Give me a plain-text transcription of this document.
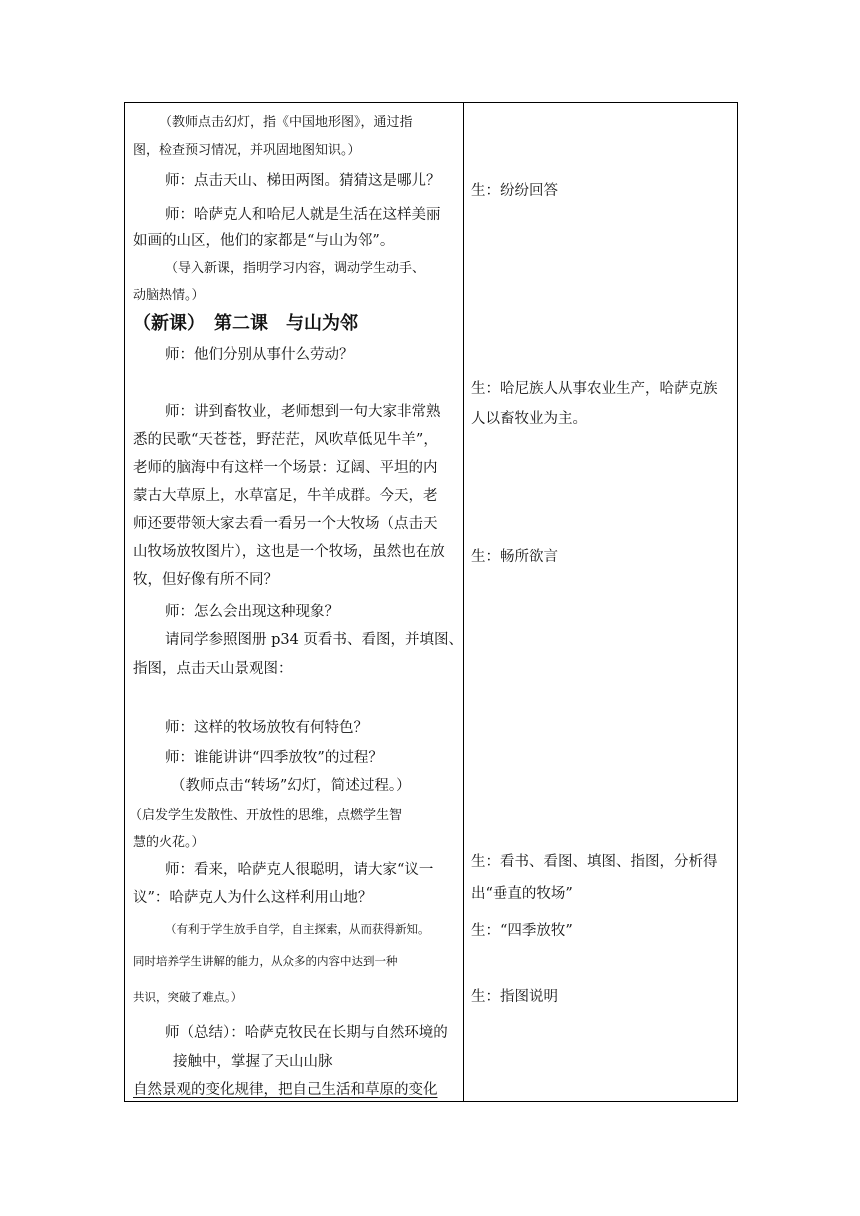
（教师点击幻灯，指《中国地形图》，通过指
图，检查预习情况，并巩固地图知识。）
师：点击天山、梯田两图。猜猜这是哪儿？
师：哈萨克人和哈尼人就是生活在这样美丽
如画的山区，他们的家都是“与山为邻”。
（导入新课，指明学习内容，调动学生动手、
动脑热情。）
（新课）　第二课　与山为邻
师：他们分别从事什么劳动？
师：讲到畜牧业，老师想到一句大家非常熟
悉的民歌“天苍苍，野茫茫，风吹草低见牛羊”，
老师的脑海中有这样一个场景：辽阔、平坦的内
蒙古大草原上，水草富足，牛羊成群。今天，老
师还要带领大家去看一看另一个大牧场（点击天
山牧场放牧图片），这也是一个牧场，虽然也在放
牧，但好像有所不同？
师：怎么会出现这种现象？
请同学参照图册 p34 页看书、看图，并填图、
指图，点击天山景观图：
师：这样的牧场放牧有何特色？
师：谁能讲讲“四季放牧”的过程？
（教师点击“转场”幻灯，简述过程。）
（启发学生发散性、开放性的思维，点燃学生智
慧的火花。）
师：看来，哈萨克人很聪明，请大家“议一
议”：哈萨克人为什么这样利用山地？
（有利于学生放手自学，自主探索，从而获得新知。
同时培养学生讲解的能力，从众多的内容中达到一种
共识，突破了难点。）
师（总结）：哈萨克牧民在长期与自然环境的
接触中，掌握了天山山脉
自然景观的变化规律，把自己生活和草原的变化
生：纷纷回答
生：哈尼族人从事农业生产，哈萨克族
人以畜牧业为主。
生：畅所欲言
生：看书、看图、填图、指图，分析得
出“垂直的牧场”
生：“四季放牧”
生：指图说明
